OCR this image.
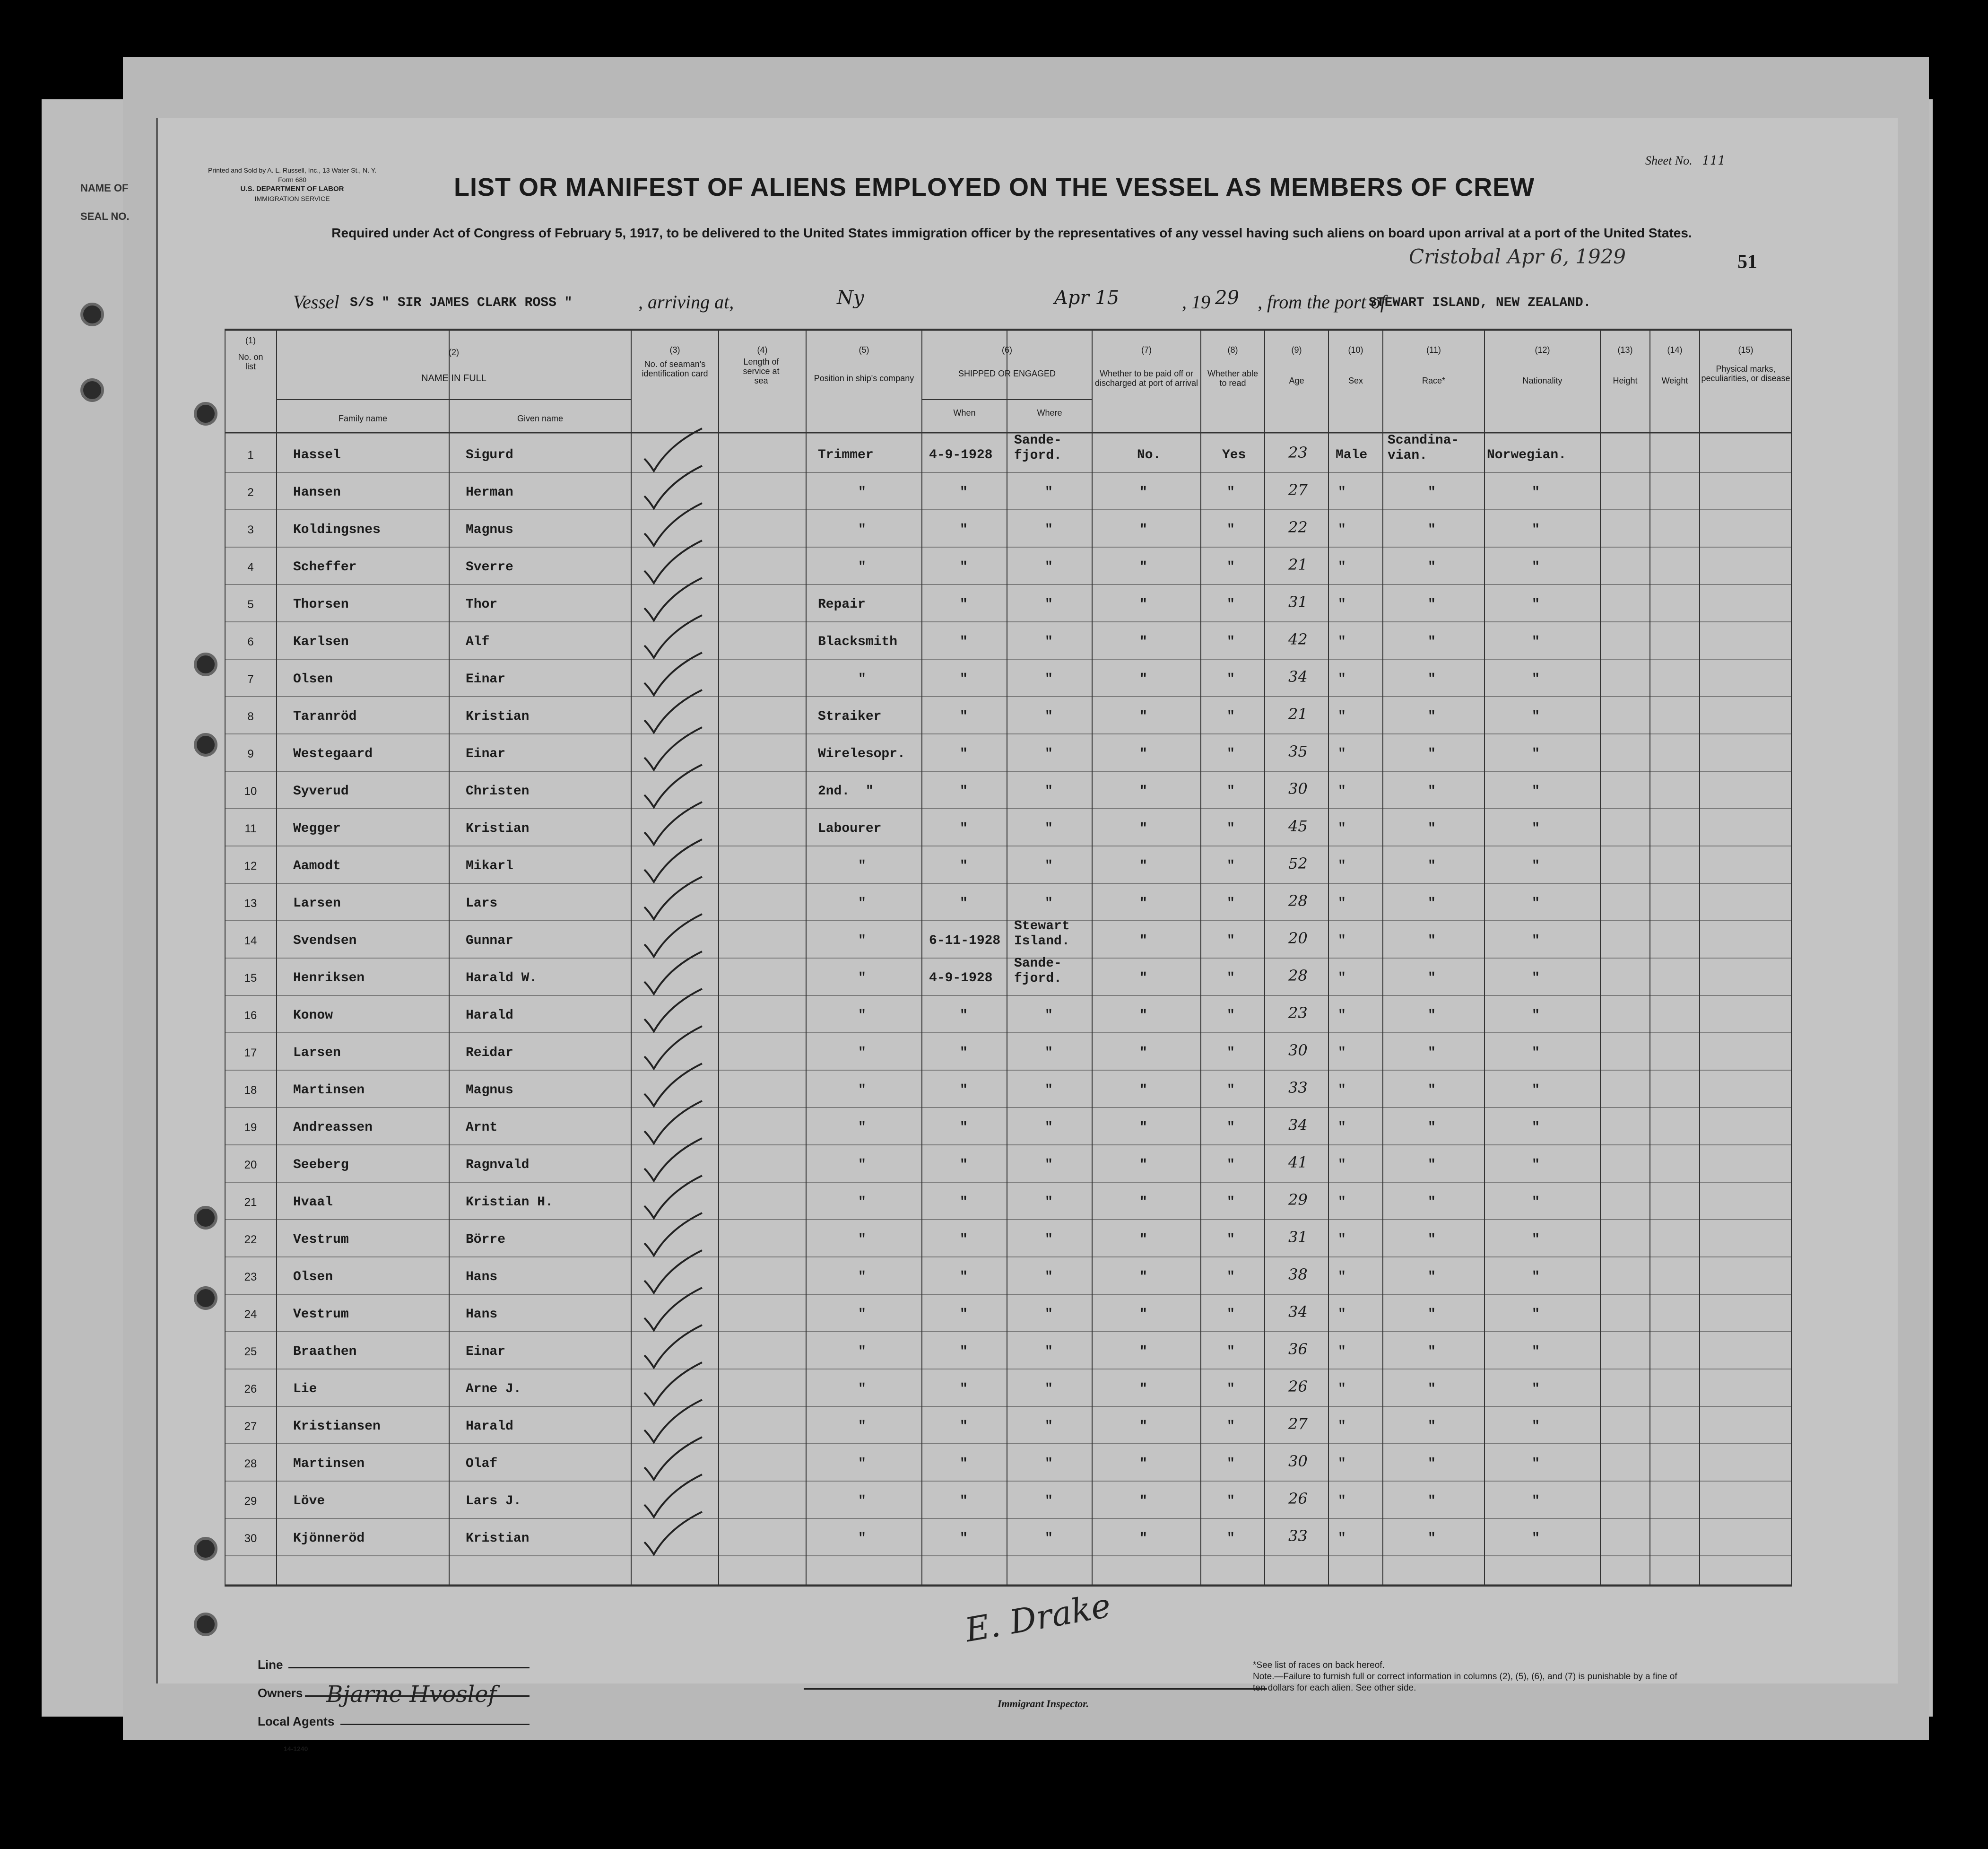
NAME OF
SEAL NO.
Printed and Sold by A. L. Russell, Inc., 13 Water St., N. Y.
Form 680
U.S. DEPARTMENT OF LABOR
IMMIGRATION SERVICE
Sheet No. 111
51
LIST OR MANIFEST OF ALIENS EMPLOYED ON THE VESSEL AS MEMBERS OF CREW
Required under Act of Congress of February 5, 1917, to be delivered to the United States immigration officer by the representatives of any vessel having such aliens on board upon arrival at a port of the United States.
Cristobal Apr 6, 1929
Vessel S/S " SIR JAMES CLARK ROSS "	, arriving at,	Ny	Apr 15	, 19 29 , from the port of
STEWART ISLAND, NEW ZEALAND.
(1)
No. on list
(2)
NAME IN FULL
Family name	Given name
(3)
No. of seaman's identification card
(4)
Length of service at sea
(5)
Position in ship's company
(6)
SHIPPED OR ENGAGED
When	Where
(7)
Whether to be paid off or discharged at port of arrival
(8)
Whether able to read
(9)
Age
(10)
Sex
(11)
Race*
(12)
Nationality
(13)
Height
(14)
Weight
(15)
Physical marks, peculiarities, or disease
1	Hassel	Sigurd	Trimmer	4-9-1928
Sande-
fjord.	No.	Yes	23 Male
Scandina-
vian.	Norwegian.
2	Hansen	Herman	"	"	"	"	"	27 "	"	"
3	Koldingsnes	Magnus	"	"	"	"	"	22 "	"	"
4	Scheffer	Sverre	"	"	"	"	"	21 "	"	"
5	Thorsen	Thor	Repair	"	"	"	"	31 "	"	"
6	Karlsen	Alf	Blacksmith	"	"	"	"	42 "	"	"
7	Olsen	Einar	"	"	"	"	"	34 "	"	"
8	Taranröd	Kristian	Straiker	"	"	"	"	21 "	"	"
9	Westegaard	Einar	Wirelesopr.	"	"	"	"	35 "	"	"
10	Syverud	Christen	2nd.  "	"	"	"	"	30 "	"	"
11	Wegger	Kristian	Labourer	"	"	"	"	45 "	"	"
12	Aamodt	Mikarl	"	"	"	"	"	52 "	"	"
13	Larsen	Lars	"	"	"	"	"	28 "	"	"
14	Svendsen	Gunnar	"	6-11-1928
Stewart
Island.	"	"	20 "	"	"
15	Henriksen	Harald W.	"	4-9-1928
Sande-
fjord.	"	"	28 "	"	"
16	Konow	Harald	"	"	"	"	"	23 "	"	"
17	Larsen	Reidar	"	"	"	"	"	30 "	"	"
18	Martinsen	Magnus	"	"	"	"	"	33 "	"	"
19	Andreassen	Arnt	"	"	"	"	"	34 "	"	"
20	Seeberg	Ragnvald	"	"	"	"	"	41 "	"	"
21	Hvaal	Kristian H.	"	"	"	"	"	29 "	"	"
22	Vestrum	Börre	"	"	"	"	"	31 "	"	"
23	Olsen	Hans	"	"	"	"	"	38 "	"	"
24	Vestrum	Hans	"	"	"	"	"	34 "	"	"
25	Braathen	Einar	"	"	"	"	"	36 "	"	"
26	Lie	Arne J.	"	"	"	"	"	26 "	"	"
27	Kristiansen	Harald	"	"	"	"	"	27 "	"	"
28	Martinsen	Olaf	"	"	"	"	"	30 "	"	"
29	Löve	Lars J.	"	"	"	"	"	26 "	"	"
30	Kjönneröd	Kristian	"	"	"	"	"	33 "	"	"
Line
Owners
Local Agents
Bjarne Hvoslef
E. Drake
Immigrant Inspector.
*See list of races on back hereof.
Note.—Failure to furnish full or correct information in columns (2), (5), (6), and (7) is punishable by a fine of ten dollars for each alien. See other side.
14-1240
